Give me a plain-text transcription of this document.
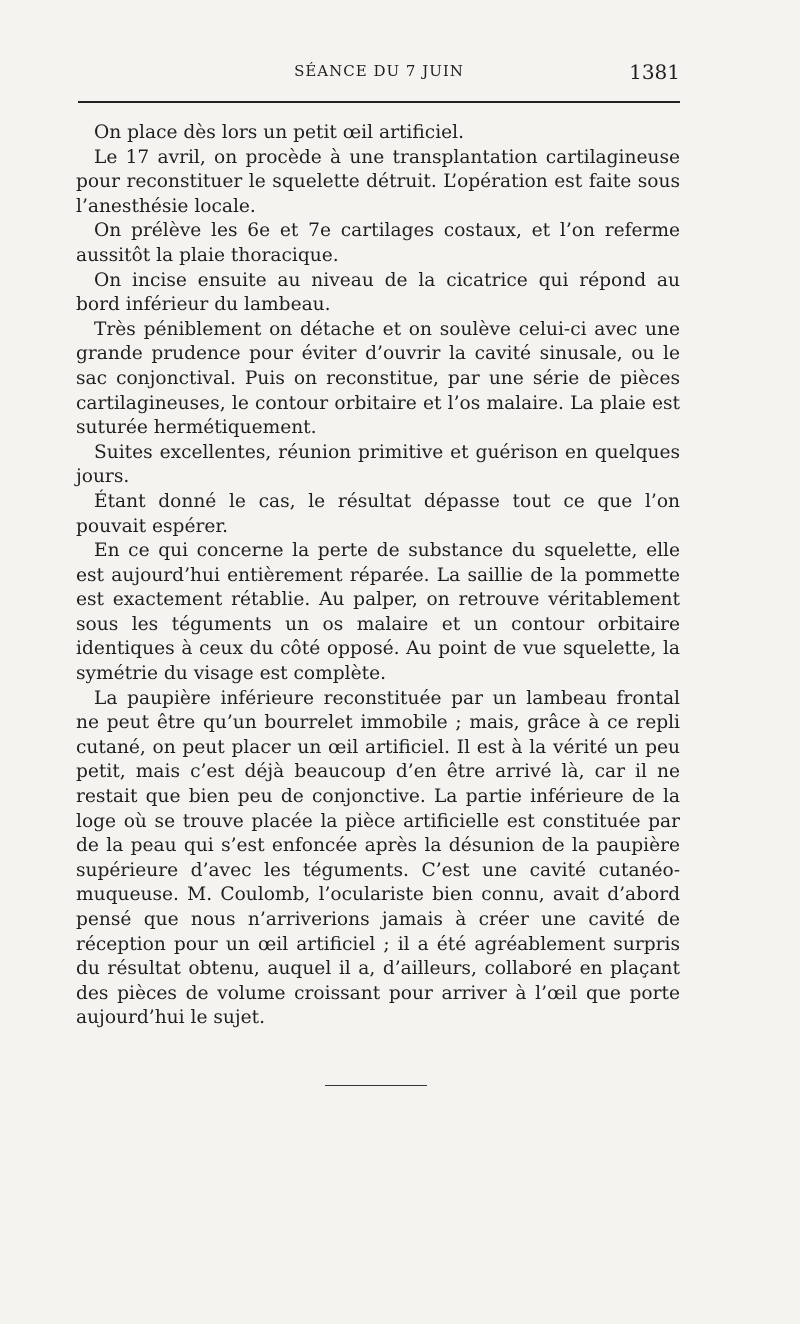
SÉANCE DU 7 JUIN	1381

On place dès lors un petit œil artificiel.

Le 17 avril, on procède à une transplantation cartilagineuse pour reconstituer le squelette détruit. L’opération est faite sous l’anesthésie locale.

On prélève les 6e et 7e cartilages costaux, et l’on referme aussitôt la plaie thoracique.

On incise ensuite au niveau de la cicatrice qui répond au bord inférieur du lambeau.

Très péniblement on détache et on soulève celui-ci avec une grande prudence pour éviter d’ouvrir la cavité sinusale, ou le sac conjonctival. Puis on reconstitue, par une série de pièces cartilagineuses, le contour orbitaire et l’os malaire. La plaie est suturée hermétiquement.

Suites excellentes, réunion primitive et guérison en quelques jours.

Étant donné le cas, le résultat dépasse tout ce que l’on pouvait espérer.

En ce qui concerne la perte de substance du squelette, elle est aujourd’hui entièrement réparée. La saillie de la pommette est exactement rétablie. Au palper, on retrouve véritablement sous les téguments un os malaire et un contour orbitaire identiques à ceux du côté opposé. Au point de vue squelette, la symétrie du visage est complète.

La paupière inférieure reconstituée par un lambeau frontal ne peut être qu’un bourrelet immobile ; mais, grâce à ce repli cutané, on peut placer un œil artificiel. Il est à la vérité un peu petit, mais c’est déjà beaucoup d’en être arrivé là, car il ne restait que bien peu de conjonctive. La partie inférieure de la loge où se trouve placée la pièce artificielle est constituée par de la peau qui s’est enfoncée après la désunion de la paupière supérieure d’avec les téguments. C’est une cavité cutanéo-muqueuse. M. Coulomb, l’oculariste bien connu, avait d’abord pensé que nous n’arriverions jamais à créer une cavité de réception pour un œil artificiel ; il a été agréablement surpris du résultat obtenu, auquel il a, d’ailleurs, collaboré en plaçant des pièces de volume croissant pour arriver à l’œil que porte aujourd’hui le sujet.
